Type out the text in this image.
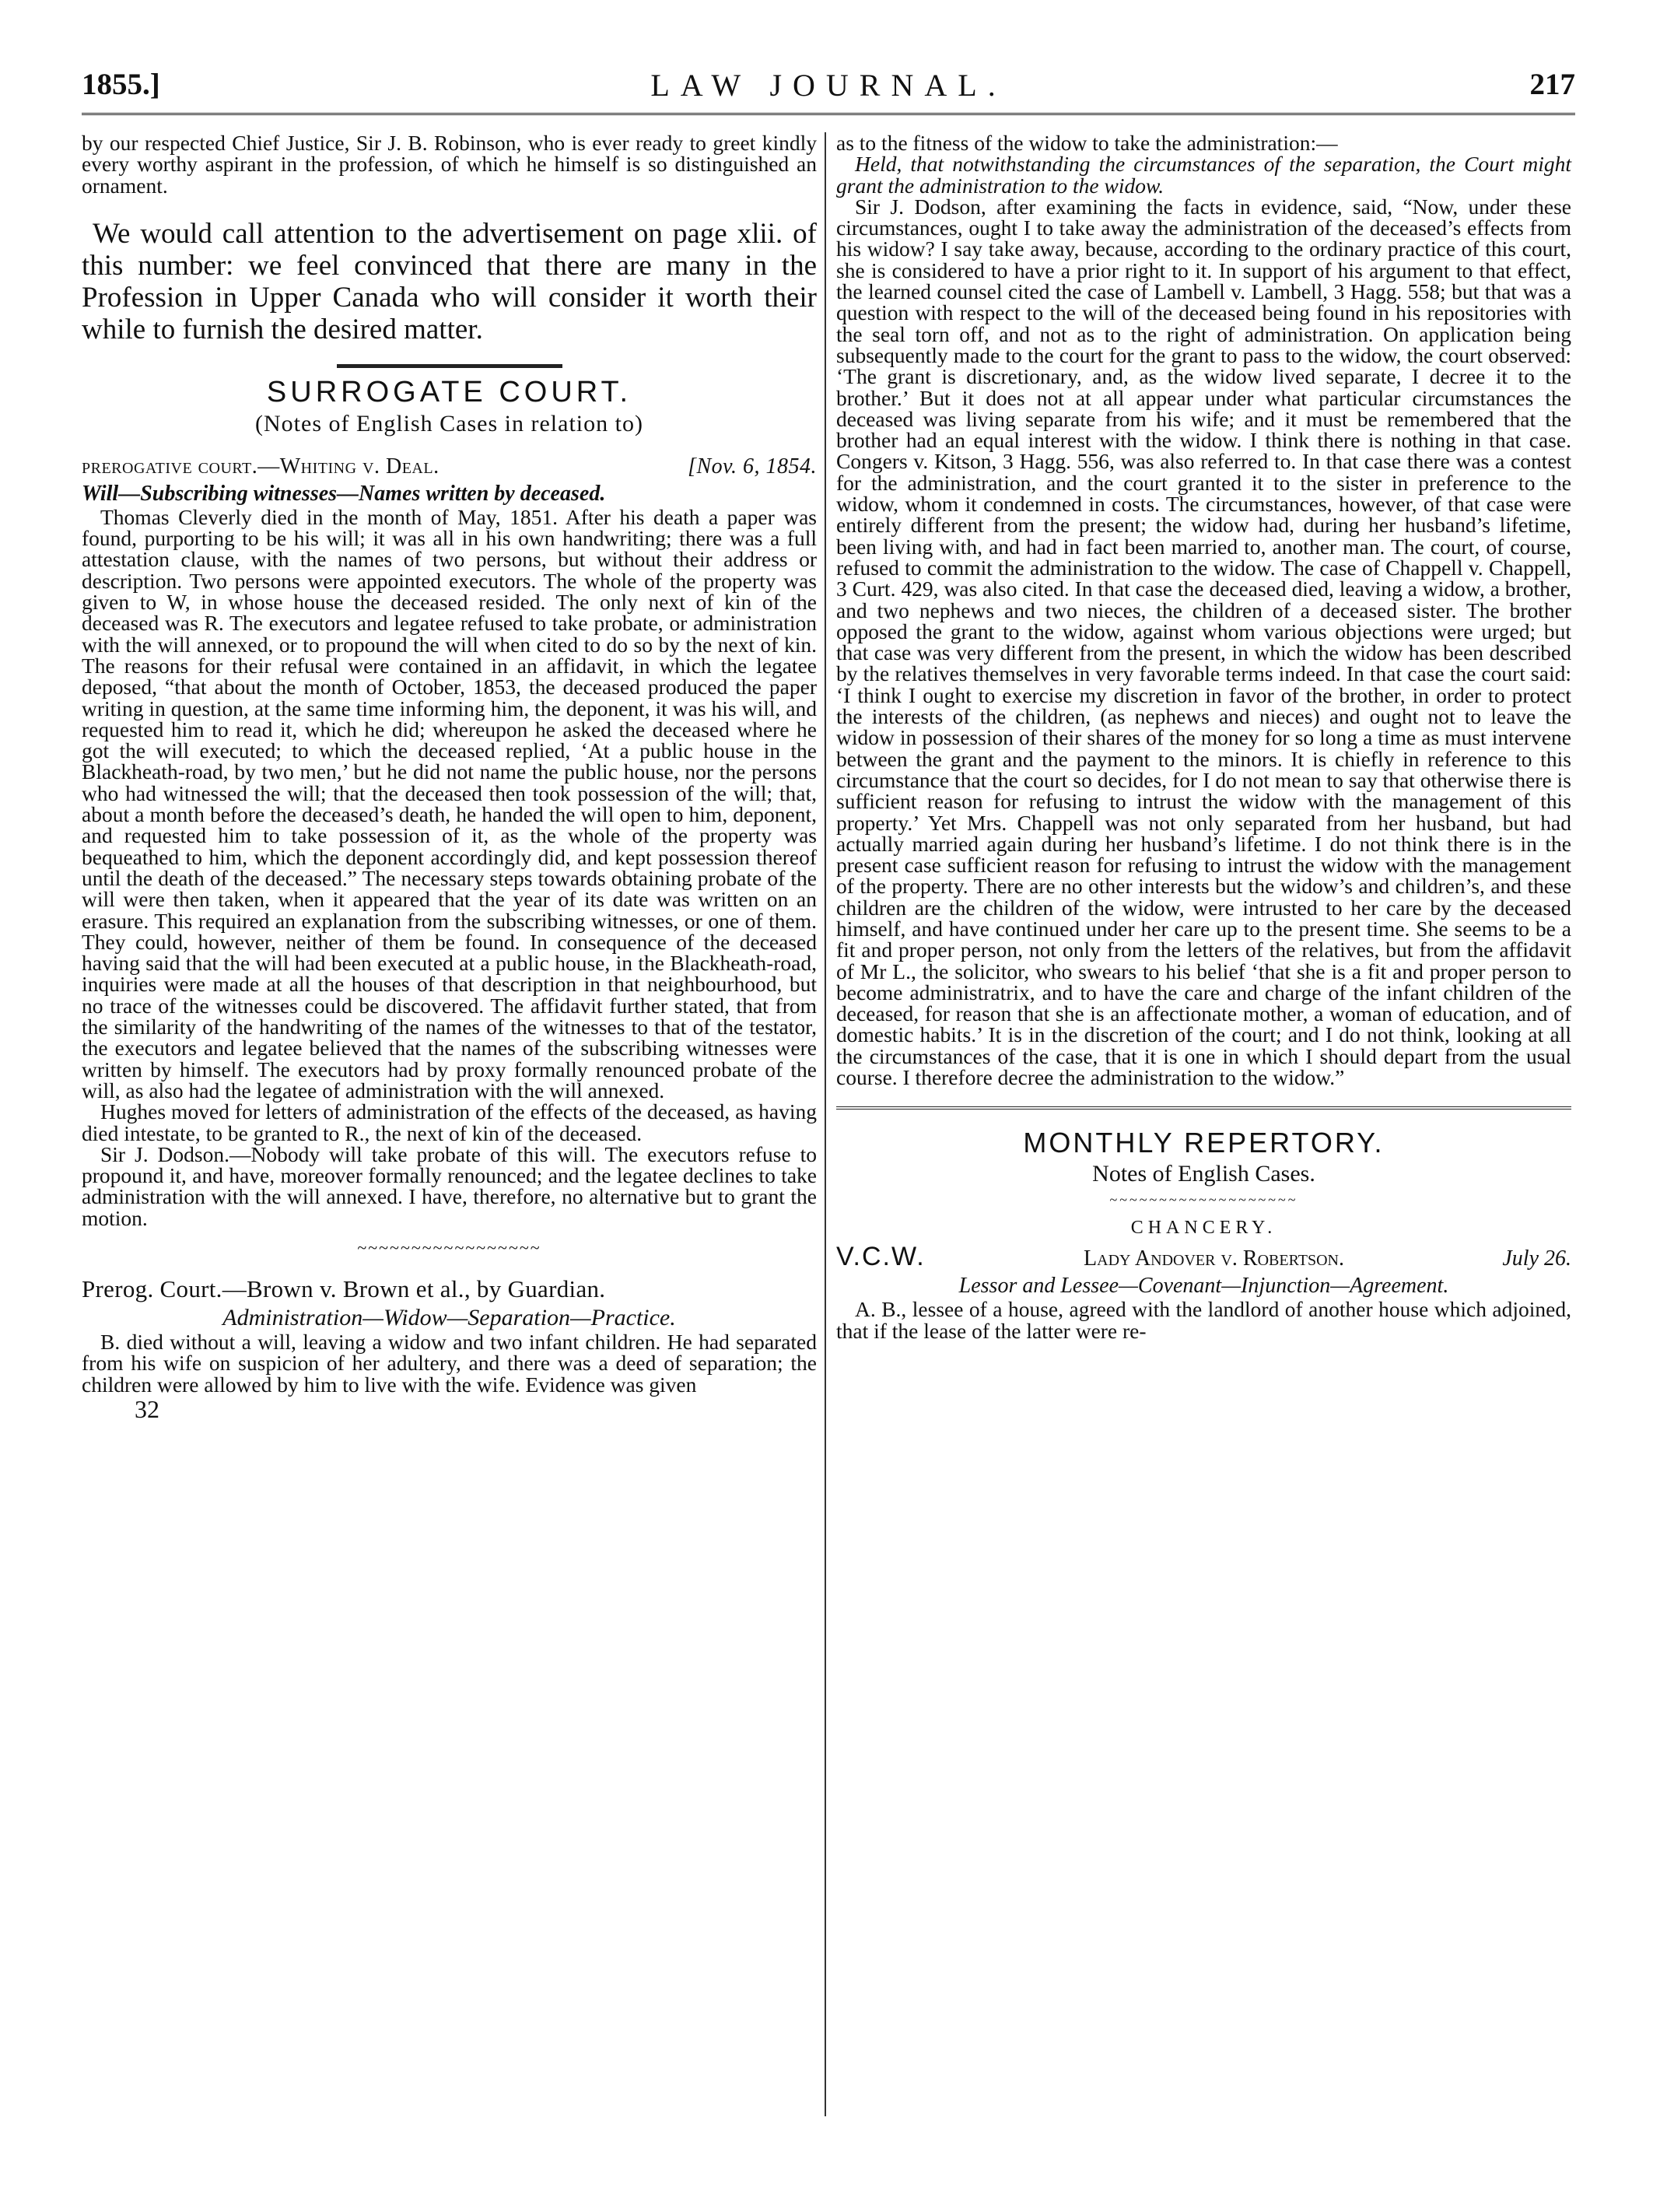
1855.]	LAW JOURNAL.	217

by our respected Chief Justice, Sir J. B. Robinson, who is ever ready to greet kindly every worthy aspirant in the profession, of which he himself is so distinguished an ornament.

We would call attention to the advertisement on page xlii. of this number: we feel convinced that there are many in the Profession in Upper Canada who will consider it worth their while to furnish the desired matter.

SURROGATE COURT.
(Notes of English Cases in relation to)
prerogative court.—Whiting v. Deal.	[Nov. 6, 1854.
Will—Subscribing witnesses—Names written by deceased.

Thomas Cleverly died in the month of May, 1851. After his death a paper was found, purporting to be his will; it was all in his own handwriting; there was a full attestation clause, with the names of two persons, but without their address or description. Two persons were appointed executors. The whole of the property was given to W, in whose house the deceased resided. The only next of kin of the deceased was R. The executors and legatee refused to take probate, or administration with the will annexed, or to propound the will when cited to do so by the next of kin. The reasons for their refusal were contained in an affidavit, in which the legatee deposed, “that about the month of October, 1853, the deceased produced the paper writing in question, at the same time informing him, the deponent, it was his will, and requested him to read it, which he did; whereupon he asked the deceased where he got the will executed; to which the deceased replied, ‘At a public house in the Blackheath-road, by two men,’ but he did not name the public house, nor the persons who had witnessed the will; that the deceased then took possession of the will; that, about a month before the deceased’s death, he handed the will open to him, deponent, and requested him to take possession of it, as the whole of the property was bequeathed to him, which the deponent accordingly did, and kept possession thereof until the death of the deceased.” The necessary steps towards obtaining probate of the will were then taken, when it appeared that the year of its date was written on an erasure. This required an explanation from the subscribing witnesses, or one of them. They could, however, neither of them be found. In consequence of the deceased having said that the will had been executed at a public house, in the Blackheath-road, inquiries were made at all the houses of that description in that neighbourhood, but no trace of the witnesses could be discovered. The affidavit further stated, that from the similarity of the handwriting of the names of the witnesses to that of the testator, the executors and legatee believed that the names of the subscribing witnesses were written by himself. The executors had by proxy formally renounced probate of the will, as also had the legatee of administration with the will annexed.

Hughes moved for letters of administration of the effects of the deceased, as having died intestate, to be granted to R., the next of kin of the deceased.

Sir J. Dodson.—Nobody will take probate of this will. The executors refuse to propound it, and have, moreover formally renounced; and the legatee declines to take administration with the will annexed. I have, therefore, no alternative but to grant the motion.

~~~~~~~~~~~~~~~~~
Prerog. Court.—Brown v. Brown et al., by Guardian.
Administration—Widow—Separation—Practice.

B. died without a will, leaving a widow and two infant children. He had separated from his wife on suspicion of her adultery, and there was a deed of separation; the children were allowed by him to live with the wife. Evidence was given

32

as to the fitness of the widow to take the administration:—

Held, that notwithstanding the circumstances of the separation, the Court might grant the administration to the widow.

Sir J. Dodson, after examining the facts in evidence, said, “Now, under these circumstances, ought I to take away the administration of the deceased’s effects from his widow? I say take away, because, according to the ordinary practice of this court, she is considered to have a prior right to it. In support of his argument to that effect, the learned counsel cited the case of Lambell v. Lambell, 3 Hagg. 558; but that was a question with respect to the will of the deceased being found in his repositories with the seal torn off, and not as to the right of administration. On application being subsequently made to the court for the grant to pass to the widow, the court observed: ‘The grant is discretionary, and, as the widow lived separate, I decree it to the brother.’ But it does not at all appear under what particular circumstances the deceased was living separate from his wife; and it must be remembered that the brother had an equal interest with the widow. I think there is nothing in that case. Congers v. Kitson, 3 Hagg. 556, was also referred to. In that case there was a contest for the administration, and the court granted it to the sister in preference to the widow, whom it condemned in costs. The circumstances, however, of that case were entirely different from the present; the widow had, during her husband’s lifetime, been living with, and had in fact been married to, another man. The court, of course, refused to commit the administration to the widow. The case of Chappell v. Chappell, 3 Curt. 429, was also cited. In that case the deceased died, leaving a widow, a brother, and two nephews and two nieces, the children of a deceased sister. The brother opposed the grant to the widow, against whom various objections were urged; but that case was very different from the present, in which the widow has been described by the relatives themselves in very favorable terms indeed. In that case the court said: ‘I think I ought to exercise my discretion in favor of the brother, in order to protect the interests of the children, (as nephews and nieces) and ought not to leave the widow in possession of their shares of the money for so long a time as must intervene between the grant and the payment to the minors. It is chiefly in reference to this circumstance that the court so decides, for I do not mean to say that otherwise there is sufficient reason for refusing to intrust the widow with the management of this property.’ Yet Mrs. Chappell was not only separated from her husband, but had actually married again during her husband’s lifetime. I do not think there is in the present case sufficient reason for refusing to intrust the widow with the management of the property. There are no other interests but the widow’s and children’s, and these children are the children of the widow, were intrusted to her care by the deceased himself, and have continued under her care up to the present time. She seems to be a fit and proper person, not only from the letters of the relatives, but from the affidavit of Mr L., the solicitor, who swears to his belief ‘that she is a fit and proper person to become administratrix, and to have the care and charge of the infant children of the deceased, for reason that she is an affectionate mother, a woman of education, and of domestic habits.’ It is in the discretion of the court; and I do not think, looking at all the circumstances of the case, that it is one in which I should depart from the usual course. I therefore decree the administration to the widow.”

MONTHLY REPERTORY.
Notes of English Cases.
~~~~~~~~~~~~~~~~~~~
CHANCERY.
V.C.W.	Lady Andover v. Robertson.	July 26.
Lessor and Lessee—Covenant—Injunction—Agreement.

A. B., lessee of a house, agreed with the landlord of another house which adjoined, that if the lease of the latter were re-
